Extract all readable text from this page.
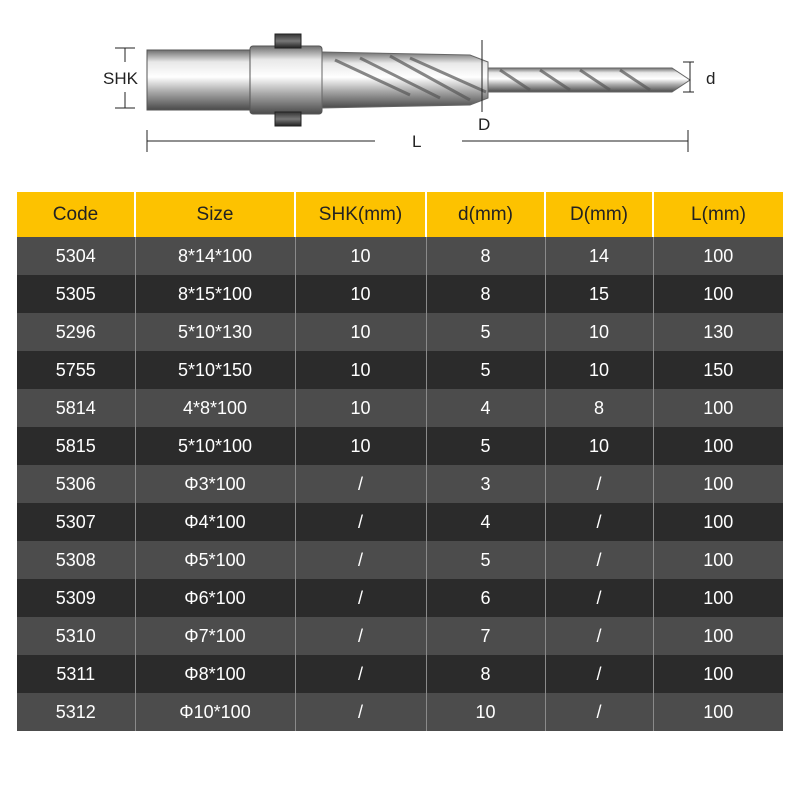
SHK	d
D
L
Code	Size	SHK(mm)	d(mm)	D(mm)	L(mm)
5304	8*14*100	10	8	14	100
5305	8*15*100	10	8	15	100
5296	5*10*130	10	5	10	130
5755	5*10*150	10	5	10	150
5814	4*8*100	10	4	8	100
5815	5*10*100	10	5	10	100
5306	Φ3*100	/	3	/	100
5307	Φ4*100	/	4	/	100
5308	Φ5*100	/	5	/	100
5309	Φ6*100	/	6	/	100
5310	Φ7*100	/	7	/	100
5311	Φ8*100	/	8	/	100
5312	Φ10*100	/	10	/	100
